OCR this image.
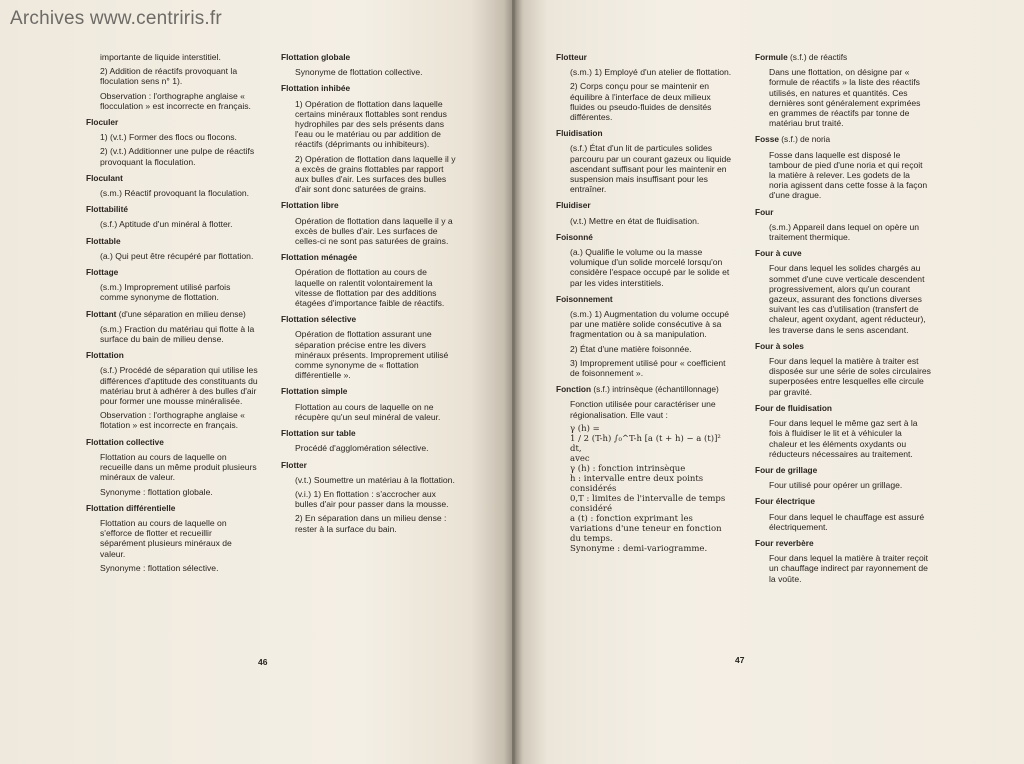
Archives www.centriris.fr
importante de liquide interstitiel.
2) Addition de réactifs provoquant la floculation sens n° 1).
Observation : l'orthographe anglaise « flocculation » est incorrecte en français.
Floculer
1) (v.t.) Former des flocs ou flocons.
2) (v.t.) Additionner une pulpe de réactifs provoquant la floculation.
Floculant
(s.m.) Réactif provoquant la floculation.
Flottabilité
(s.f.) Aptitude d'un minéral à flotter.
Flottable
(a.) Qui peut être récupéré par flottation.
Flottage
(s.m.) Improprement utilisé parfois comme synonyme de flottation.
Flottant (d'une séparation en milieu dense)
(s.m.) Fraction du matériau qui flotte à la surface du bain de milieu dense.
Flottation
(s.f.) Procédé de séparation qui utilise les différences d'aptitude des constituants du matériau brut à adhérer à des bulles d'air pour former une mousse minéralisée.
Observation : l'orthographe anglaise « flotation » est incorrecte en français.
Flottation collective
Flottation au cours de laquelle on recueille dans un même produit plusieurs minéraux de valeur.
Synonyme : flottation globale.
Flottation différentielle
Flottation au cours de laquelle on s'efforce de flotter et recueillir séparément plusieurs minéraux de valeur.
Synonyme : flottation sélective.
Flottation globale
Synonyme de flottation collective.
Flottation inhibée
1) Opération de flottation dans laquelle certains minéraux flottables sont rendus hydrophiles par des sels présents dans l'eau ou le matériau ou par addition de réactifs (déprimants ou inhibiteurs).
2) Opération de flottation dans laquelle il y a excès de grains flottables par rapport aux bulles d'air. Les surfaces des bulles d'air sont donc saturées de grains.
Flottation libre
Opération de flottation dans laquelle il y a excès de bulles d'air. Les surfaces de celles-ci ne sont pas saturées de grains.
Flottation ménagée
Opération de flottation au cours de laquelle on ralentit volontairement la vitesse de flottation par des additions étagées d'importance faible de réactifs.
Flottation sélective
Opération de flottation assurant une séparation précise entre les divers minéraux présents. Improprement utilisé comme synonyme de « flottation différentielle ».
Flottation simple
Flottation au cours de laquelle on ne récupère qu'un seul minéral de valeur.
Flottation sur table
Procédé d'agglomération sélective.
Flotter
(v.t.) Soumettre un matériau à la flottation.
(v.i.) 1) En flottation : s'accrocher aux bulles d'air pour passer dans la mousse.
2) En séparation dans un milieu dense : rester à la surface du bain.
46
Flotteur
(s.m.) 1) Employé d'un atelier de flottation.
2) Corps conçu pour se maintenir en équilibre à l'interface de deux milieux fluides ou pseudo-fluides de densités différentes.
Fluidisation
(s.f.) État d'un lit de particules solides parcouru par un courant gazeux ou liquide ascendant suffisant pour les maintenir en suspension mais insuffisant pour les entraîner.
Fluidiser
(v.t.) Mettre en état de fluidisation.
Foisonné
(a.) Qualifie le volume ou la masse volumique d'un solide morcelé lorsqu'on considère l'espace occupé par le solide et par les vides interstitiels.
Foisonnement
(s.m.) 1) Augmentation du volume occupé par une matière solide consécutive à sa fragmentation ou à sa manipulation.
2) État d'une matière foisonnée.
3) Improprement utilisé pour « coefficient de foisonnement ».
Fonction (s.f.) intrinsèque (échantillonnage)
Fonction utilisée pour caractériser une régionalisation. Elle vaut :
γ (h) =
1 / 2 (T-h) ∫₀^T-h [a (t + h) − a (t)]² dt,
avec
γ (h) : fonction intrinsèque
h : intervalle entre deux points considérés
0,T : limites de l'intervalle de temps considéré
a (t) : fonction exprimant les variations d'une teneur en fonction du temps.
Synonyme : demi-variogramme.
Formule (s.f.) de réactifs
Dans une flottation, on désigne par « formule de réactifs » la liste des réactifs utilisés, en natures et quantités. Ces dernières sont généralement exprimées en grammes de réactifs par tonne de matériau brut traité.
Fosse (s.f.) de noria
Fosse dans laquelle est disposé le tambour de pied d'une noria et qui reçoit la matière à relever. Les godets de la noria agissent dans cette fosse à la façon d'une drague.
Four
(s.m.) Appareil dans lequel on opère un traitement thermique.
Four à cuve
Four dans lequel les solides chargés au sommet d'une cuve verticale descendent progressivement, alors qu'un courant gazeux, assurant des fonctions diverses suivant les cas d'utilisation (transfert de chaleur, agent oxydant, agent réducteur), les traverse dans le sens ascendant.
Four à soles
Four dans lequel la matière à traiter est disposée sur une série de soles circulaires superposées entre lesquelles elle circule par gravité.
Four de fluidisation
Four dans lequel le même gaz sert à la fois à fluidiser le lit et à véhiculer la chaleur et les éléments oxydants ou réducteurs nécessaires au traitement.
Four de grillage
Four utilisé pour opérer un grillage.
Four électrique
Four dans lequel le chauffage est assuré électriquement.
Four reverbère
Four dans lequel la matière à traiter reçoit un chauffage indirect par rayonnement de la voûte.
47
